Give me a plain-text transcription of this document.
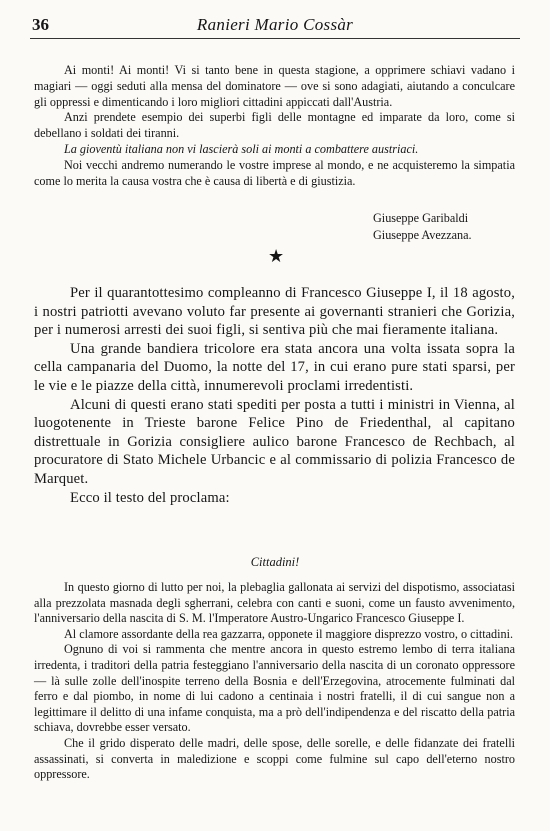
36	Ranieri Mario Cossàr

Ai monti! Ai monti! Vi si tanto bene in questa stagione, a opprimere schiavi vadano i magiari — oggi seduti alla mensa del dominatore — ove si sono adagiati, aiutando a conculcare gli oppressi e dimenticando i loro migliori cittadini appiccati dall'Austria.

Anzi prendete esempio dei superbi figli delle montagne ed imparate da loro, come si debellano i soldati dei tiranni.

La gioventù italiana non vi lascierà soli ai monti a combattere austriaci.

Noi vecchi andremo numerando le vostre imprese al mondo, e ne acquisteremo la simpatia come lo merita la causa vostra che è causa di libertà e di giustizia.

Giuseppe Garibaldi
Giuseppe Avezzana.
★

Per il quarantottesimo compleanno di Francesco Giuseppe I, il 18 agosto, i nostri patriotti avevano voluto far presente ai governanti stranieri che Gorizia, per i numerosi arresti dei suoi figli, si sentiva più che mai fieramente italiana.

Una grande bandiera tricolore era stata ancora una volta issata sopra la cella campanaria del Duomo, la notte del 17, in cui erano pure stati sparsi, per le vie e le piazze della città, innumerevoli proclami irredentisti.

Alcuni di questi erano stati spediti per posta a tutti i ministri in Vienna, al luogotenente in Trieste barone Felice Pino de Friedenthal, al capitano distrettuale in Gorizia consigliere aulico barone Francesco de Rechbach, al procuratore di Stato Michele Urbancic e al commissario di polizia Francesco de Marquet.

Ecco il testo del proclama:

Cittadini!

In questo giorno di lutto per noi, la plebaglia gallonata ai servizi del dispotismo, associatasi alla prezzolata masnada degli sgherrani, celebra con canti e suoni, come un fausto avvenimento, l'anniversario della nascita di S. M. l'Imperatore Austro-Ungarico Francesco Giuseppe I.

Al clamore assordante della rea gazzarra, opponete il maggiore disprezzo vostro, o cittadini.

Ognuno di voi si rammenta che mentre ancora in questo estremo lembo di terra italiana irredenta, i traditori della patria festeggiano l'anniversario della nascita di un coronato oppressore — là sulle zolle dell'inospite terreno della Bosnia e dell'Erzegovina, atrocemente fulminati dal ferro e dal piombo, in nome di lui cadono a centinaia i nostri fratelli, il di cui sangue non a legittimare il delitto di una infame conquista, ma a prò dell'indipendenza e del riscatto della patria schiava, dovrebbe esser versato.

Che il grido disperato delle madri, delle spose, delle sorelle, e delle fidanzate dei fratelli assassinati, si converta in maledizione e scoppi come fulmine sul capo dell'eterno nostro oppressore.
